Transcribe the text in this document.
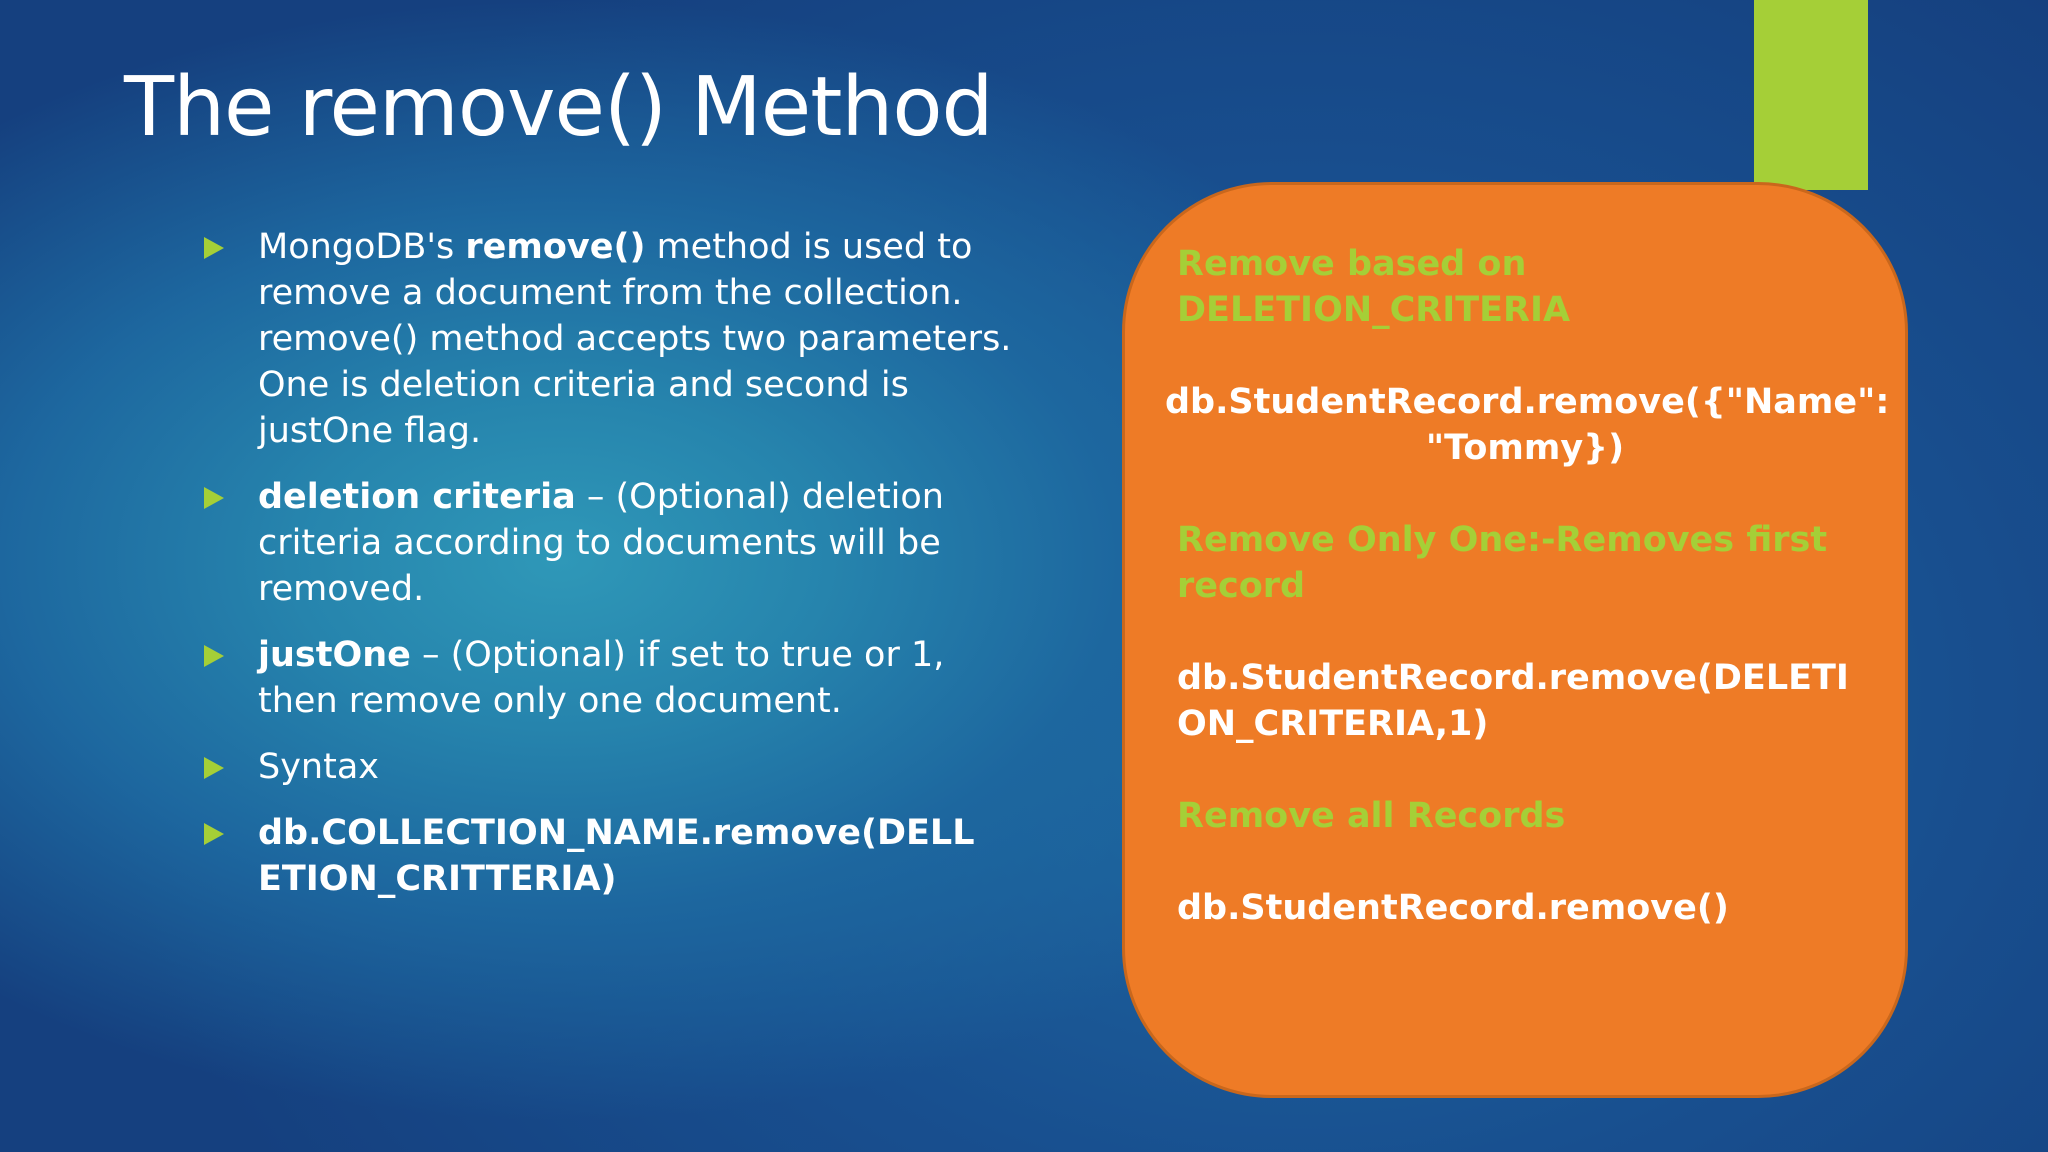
The remove() Method
MongoDB's remove() method is used to remove a document from the collection. remove() method accepts two parameters. One is deletion criteria and second is justOne flag.
deletion criteria – (Optional) deletion criteria according to documents will be removed.
justOne – (Optional) if set to true or 1, then remove only one document.
Syntax
db.COLLECTION_NAME.remove(DELLETION_CRITTERIA)

Remove based on DELETION_CRITERIA

db.StudentRecord.remove({"Name": "Tommy})

Remove Only One:-Removes first record

db.StudentRecord.remove(DELETION_CRITERIA,1)

Remove all Records

db.StudentRecord.remove()
